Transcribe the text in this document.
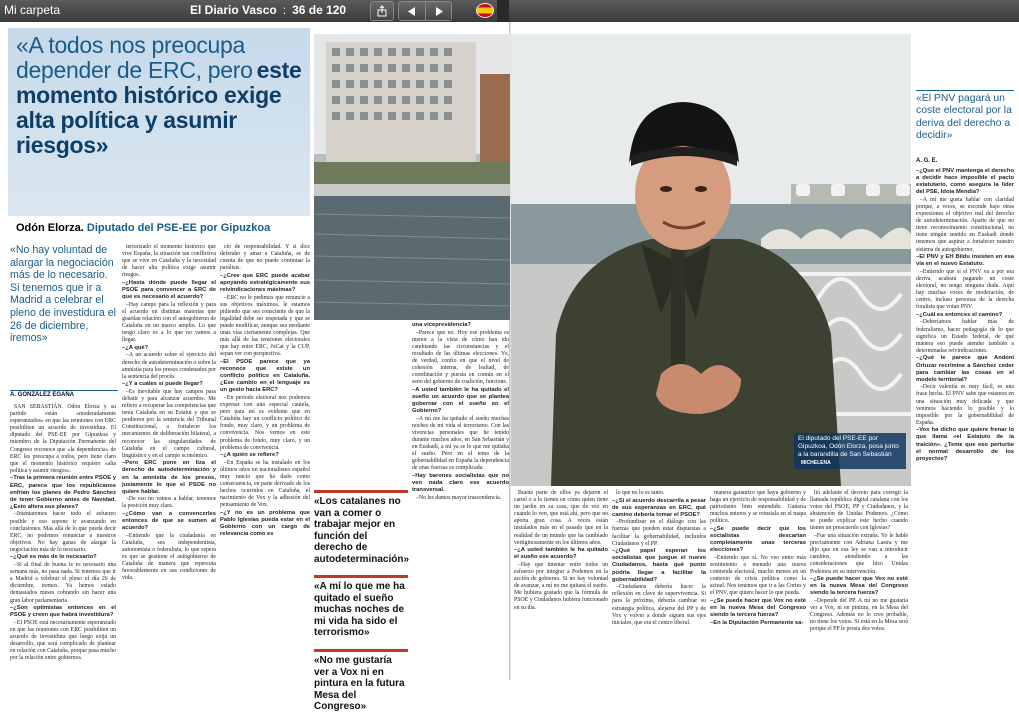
Mi carpeta	El Diario Vasco : 36 de 120
«A todos nos preocupa depender de ERC, pero este momento histórico exige alta política y asumir riesgos»
Odón Elorza. Diputado del PSE-EE por Gipuzkoa
«No hay voluntad de alargar la negociación más de lo necesario. Si tenemos que ir a Madrid a celebrar el pleno de investidura el 26 de diciembre, iremos»
A. GONZÁLEZ EGAÑA

SAN SEBASTIÁN. Odón Elorza y su partido están «moderadamente esperanzados» en que las reuniones con ERC posibiliten un acuerdo de investidura. El diputado del PSE-EE por Gipuzkoa y miembro de la Diputación Permanente del Congreso reconoce que «la dependencia» de ERC les preocupa a todos, pero tiene claro que el momento histórico requiere «alta política y asumir riesgos».

–Tras la primera reunión entre PSOE y ERC, parece que los republicanos enfrían los planes de Pedro Sánchez de tener Gobierno antes de Navidad. ¿Esto altera sus planes?

–Intentaremos hacer todo el esfuerzo posible y eso supone ir avanzando en conclusiones. Más allá de lo que pueda decir ERC, no podemos renunciar a nuestros objetivos. No hay ganas de alargar la negociación más de lo necesario.

–¿Qué es más de lo necesario?

–Si al final de buena fe es necesario una semana más, no pasa nada. Si tenemos que ir a Madrid a celebrar el pleno el día 26 de diciembre, iremos. Ya hemos estado demasiados meses cobrando sin hacer una gran labor parlamentaria.

–¿Son optimistas entonces en el PSOE y creen que habrá investidura?

–El PSOE está necesariamente esperanzado en que las reuniones con ERC posibiliten un acuerdo de investidura que luego exija un desarrollo, que será complicado de plantear en relación con Cataluña, porque pasa mucho por la relación entre gobiernos.

teriorizado el momento histórico que vive España, la situación tan conflictiva que se vive en Cataluña y la necesidad de hacer alta política exige asumir riesgos.

–¿Hasta dónde puede llegar el PSOE para convencer a ERC de que es necesario el acuerdo?

–Hay campo para la reflexión y para el acuerdo en distintas materias que guardan relación con el autogobierno de Cataluña en un marco amplio. Lo que tengo claro es a lo que no vamos a llegar.

–¿A qué?

–A un acuerdo sobre el ejercicio del derecho de autodeterminación o sobre la amnistía para los presos condenados por la sentencia del procés.

–¿Y a cuáles sí puede llegar?

–Es inevitable que hay campos para debatir y para alcanzar acuerdos. Me refiero a recuperar las competencias que tenía Cataluña en su Estatut y que se perdieron por la sentencia del Tribunal Constitucional, a fortalecer los mecanismos de deliberación bilateral, a reconocer las singularidades de Cataluña en el campo cultural, lingüístico y en el campo económico.

–Pero ERC pone en liza el derecho de autodeterminación y en la amnistía de los presos, justamente lo que el PSOE no quiere hablar.

–De eso no vamos a hablar, tenemos la posición muy clara.

–¿Cómo van a convencerles entonces de que se sumen al acuerdo?

–Entiendo que la ciudadanía en Cataluña, sea independentista, autonomista o federalista, lo que espera es que se gestione el autogobierno de Cataluña de manera que repercuta favorablemente en sus condiciones de vida.

cio de responsabilidad. Y si dice defender y amar a Cataluña, se de cuenta de que no puede continuar la parálisis.

–¿Cree que ERC puede acabar apoyando estratégicamente sus reivindicaciones máximas?

–ERC no le pedimos que renuncie a sus objetivos máximos, le estamos pidiendo que sea consciente de que la legalidad debe ser respetada y que se puede modificar, aunque sea mediante unas vías ciertamente complejas. Que más allá de las tensiones electorales que hay entre ERC, JxCat y la CUP, sepan ver con perspectiva.

–El PSOE parece que ya reconoce que existe un conflicto político en Cataluña. ¿Ese cambio en el lenguaje es un gesto hacia ERC?

–En periodo electoral nos podemos expresar con una especial cautela, pero para mí es evidente que en Cataluña hay un conflicto político de fondo, muy claro, y un problema de convivencia. Nos vemos en este problema de fondo, muy claro, y un problema de convivencia.

–¿A quién se refiere?

–En España se ha instalado en los últimos años un nacionalismo español muy rancio que ha dado como consecuencia, en parte derivado de los hechos ocurridos en Cataluña, el nacimiento de Vox y la adhesión del pensamiento de Vox.

–¿Y no es un problema que Pablo Iglesias pueda estar en el Gobierno con un cargo de relevancia como es

una vicepresidencia?

–Parece que no. Hoy ese problema es menor a la vista de cómo han ido cambiando las circunstancias y el resultado de las últimas elecciones. Yo, de verdad, confío en que el nivel de cohesión interna, de lealtad, de coordinación y puesta en común en el seno del gobierno de coalición, funcione.

–A usted también le ha quitado el sueño un acuerdo que se plantea gobernar con el sueño en el Gobierno?

–A mí me ha quitado el sueño muchas noches de mi vida el terrorismo. Con las vivencias personales que he tenido durante muchos años, en San Sebastián y en Euskadi, a mí ya se lo que me quitaba el sueño. Pero en el tema de la gobernabilidad en España la dependencia de unas fuerzas es complicada.

–Hay barones socialistas que no ven nada claro ese acuerdo transversal.

–No les damos mayor trascendencia.

Buena parte de ellos ya dejaron el cartel o a lo tienen en cómo quien tiene un jardín en su casa, que de vez en cuando lo ven, que está ahí, pero que no aporta gran cosa. A veces están instalados más en el pasado que en la realidad de un mundo que ha cambiado vertiginosamente en los últimos años.

–¿A usted también le ha quitado el sueño ese acuerdo?

–Hay que intentar entre todos un esfuerzo por integrar a Podemos en la acción de gobierno. Si no hay voluntad de avanzar, a mí no me quitará el sueño. Me hubiera gustado que la fórmula de PSOE y Ciudadanos hubiera funcionado en su día.

lo que no lo es tanto.

–¿Si el acuerdo descarrila a pesar de sus esperanzas en ERC, qué camino debería tomar el PSOE?

–Profundizar en el diálogo con las fuerzas que pueden estar dispuestas a facilitar la gobernabilidad, incluidos Ciudadanos y el PP.

–¿Qué papel esperan los socialistas que juegue el nuevo Ciudadanos, hasta qué punto podría llegar a facilitar la gobernabilidad?

–Ciudadanos debería hacer la reflexión en clave de supervivencia. Si para la próxima, debería cambiar su estrategia política, alejarse del PP y de Vox y volver a donde siguen sus ejes iniciales, que era el centro liberal.

manera garantizo que haya gobierno y haga un ejercicio de responsabilidad y de patriotismo bien entendido. Ganaría muchos enteros y se reinstala en el mapa político.

–¿Se puede decir que los socialistas descartan completamente unas terceras elecciones?

–Entiendo que sí. No veo entre más sentimiento a menudo una nueva contienda electoral, mucho menos en un contexto de crisis política como la actual. Nos tenemos que ir a las Cortes y el PNV, que quiere hacer lo que pueda.

–¿Se puede hacer que Vox no esté en la nueva Mesa del Congreso siendo la tercera fuerza?

–En la Diputación Permanente sa-

lió adelante el decreto para corregir la llamada república digital catalana con los votos del PSOE, PP y Ciudadanos, y la abstención de Unidas Podemos. ¿Cómo se puede explicar este hecho cuando tienen un preacuerdo con Iglesias?

–Fue una situación extraña. Yo le hablé precisamente con Adriana Lastra y me dijo que en esa ley se van a introducir cambios, atendiendo a las consideraciones que hizo Unidas Podemos en su intervención.

–¿Se puede hacer que Vox no esté en la nueva Mesa del Congreso siendo la tercera fuerza?

–Depende del PP. A mí no me gustaría ver a Vox, ni en pintura, en la Mesa del Congreso. Además no lo creo probable, no tiene los votos. Si está en la Mesa será porque el PP le presta dos votos.

–¿Que el PNV mantenga el derecho a decidir hace imposible el pacto estatutario, como asegura la líder del PSE, Idoia Mendia?

–A mí me gusta hablar con claridad porque, a veces, se esconde bajo otras expresiones el objetivo real del derecho de autodeterminación. Aparte de que no tiene reconocimiento constitucional, no tiene ningún sentido en Euskadi donde tenemos que aspirar a fortalecer nuestro sistema de autogobierno.

–El PNV y EH Bildu insisten en esa vía en el nuevo Estatuto.

–Entiendo que si el PNV va a por esa deriva, acabará pagando un coste electoral, no tengo ninguna duda. Aquí hay muchas voces de moderación, de centro, incluso personas de la derecha foralista que votan PNV.

–¿Cuál es entonces el camino?

–Deberíamos hablar más de federalismo, hacer pedagogía de lo que significa un Estado federal, de qué manera eso puede atender también a determinadas reivindicaciones.

–¿Qué le parece que Andoni Ortuzar recrimine a Sánchez ceder para cambiar las cosas en el modelo territorial?

–Decir valentía es muy fácil, es una frase hecha. El PNV sabe que estamos en una situación muy delicada y que venimos haciendo lo posible y lo imposible por la gobernabilidad de España.

–Vox ha dicho que quiere frenar lo que llama «el Estatuto de la traición». ¿Teme que eso perturbe el normal desarrollo de los proyectos?

«Los catalanes no van a comer o trabajar mejor en función del derecho de autodeterminación»
«A mí lo que me ha quitado el sueño muchas noches de mi vida ha sido el terrorismo»
«No me gustaría ver a Vox ni en pintura en la futura Mesa del Congreso»
«El PNV pagará un coste electoral por la deriva del derecho a decidir»
A. G. E.
El diputado del PSE-EE por Gipuzkoa, Odón Elorza, posa junto a la barandilla de San Sebastián MICHELENA
